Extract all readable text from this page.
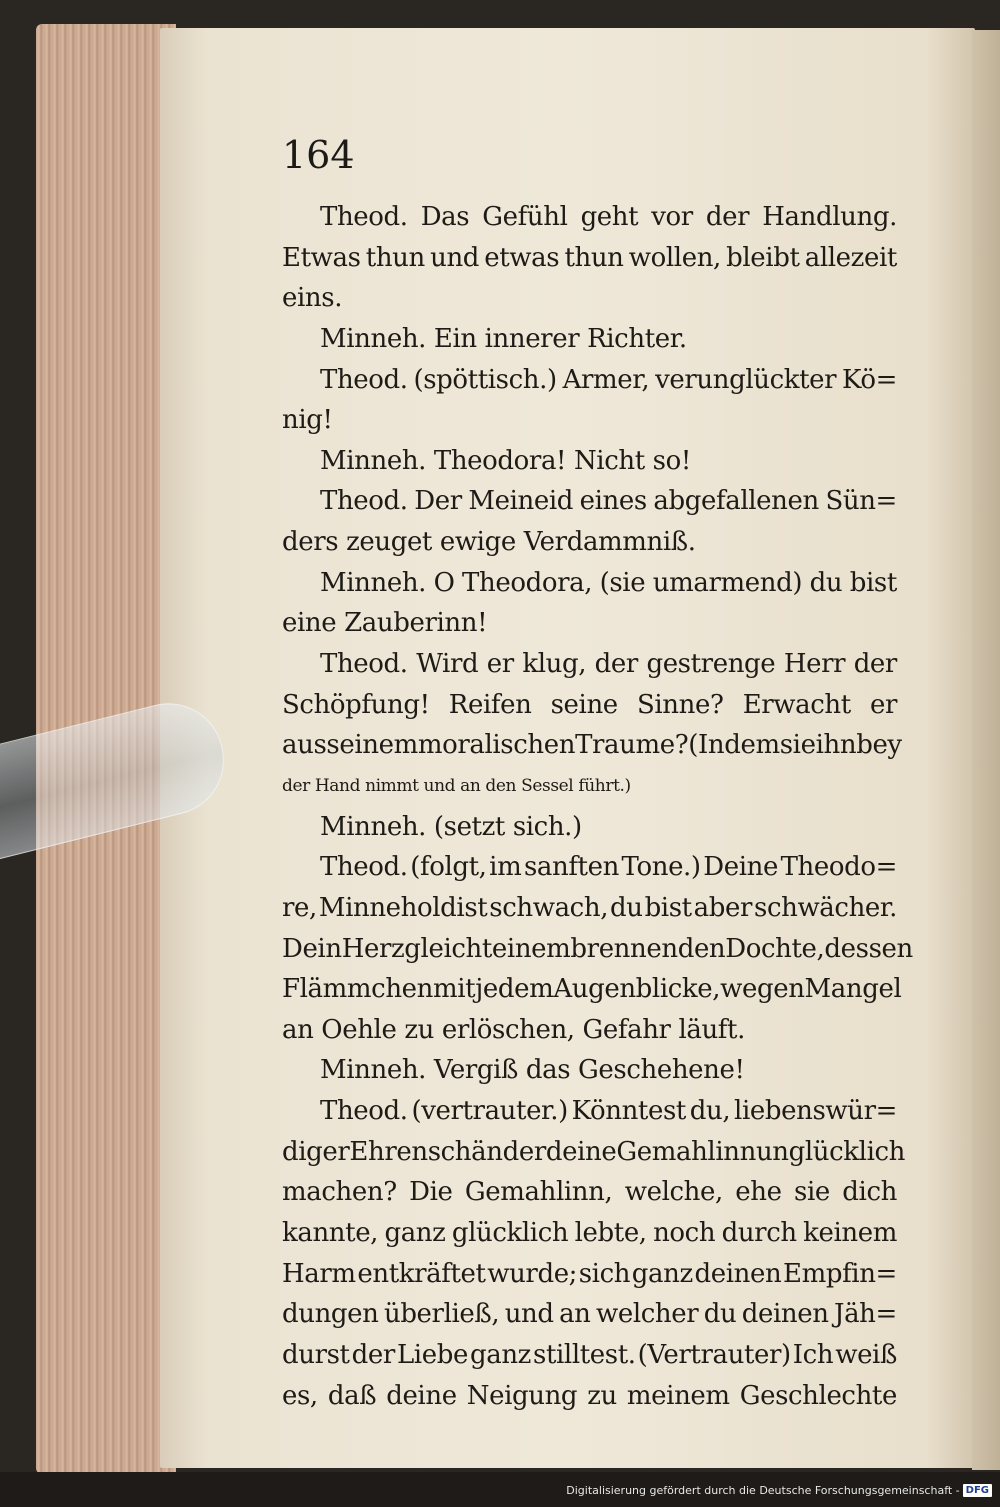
164
Theod. Das Gefühl geht vor der Handlung.
Etwas thun und etwas thun wollen, bleibt allezeit
eins.
Minneh. Ein innerer Richter.
Theod. (spöttisch.) Armer, verunglückter Kö=
nig!
Minneh. Theodora! Nicht so!
Theod. Der Meineid eines abgefallenen Sün=
ders zeuget ewige Verdammniß.
Minneh. O Theodora, (sie umarmend) du bist
eine Zauberinn!
Theod. Wird er klug, der gestrenge Herr der
Schöpfung! Reifen seine Sinne? Erwacht er
aus seinem moralischen Traume? (Indem sie ihn bey
der Hand nimmt und an den Sessel führt.)
Minneh. (setzt sich.)
Theod. (folgt, im sanften Tone.) Deine Theodo=
re, Minneholdist schwach, du bist aber schwächer.
Dein Herz gleicht einem brennenden Dochte, dessen
Flämmchen mit jedem Augenblicke, wegen Mangel
an Oehle zu erlöschen, Gefahr läuft.
Minneh. Vergiß das Geschehene!
Theod. (vertrauter.) Könntest du, liebenswür=
diger Ehrenschänder deine Gemahlinn unglücklich
machen? Die Gemahlinn, welche, ehe sie dich
kannte, ganz glücklich lebte, noch durch keinem
Harm entkräftet wurde; sich ganz deinen Empfin=
dungen überließ, und an welcher du deinen Jäh=
durst der Liebe ganz stilltest. (Vertrauter) Ich weiß
es, daß deine Neigung zu meinem Geschlechte
Digitalisierung gefördert durch die Deutsche Forschungsgemeinschaft - DFG
